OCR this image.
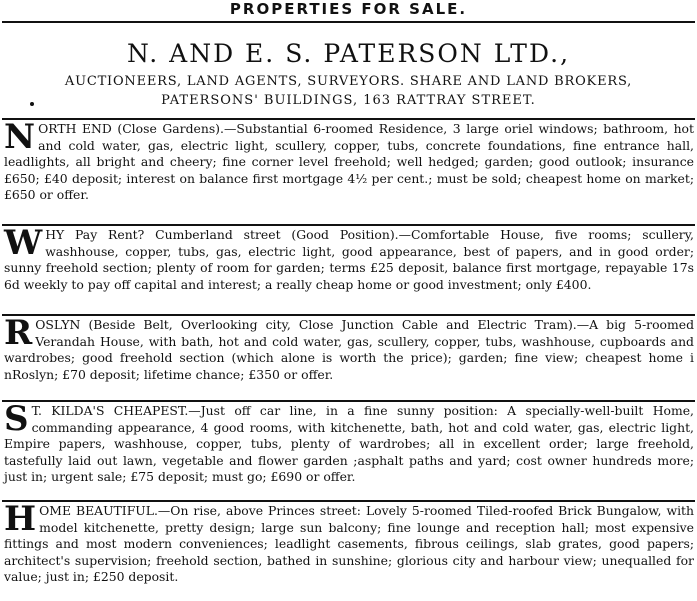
PROPERTIES FOR SALE.
N. AND E. S. PATERSON LTD.,
AUCTIONEERS, LAND AGENTS, SURVEYORS. SHARE AND LAND BROKERS,
PATERSONS' BUILDINGS, 163 RATTRAY STREET.

NORTH END (Close Gardens).—Substantial 6-roomed Residence, 3 large oriel windows; bathroom, hot and cold water, gas, electric light, scullery, copper, tubs, concrete foundations, fine entrance hall, leadlights, all bright and cheery; fine corner level freehold; well hedged; garden; good outlook; insurance £650; £40 deposit; interest on balance first mortgage 4½ per cent.; must be sold; cheapest home on market; £650 or offer.

WHY Pay Rent? Cumberland street (Good Position).—Comfortable House, five rooms; scullery, washhouse, copper, tubs, gas, electric light, good appearance, best of papers, and in good order; sunny freehold section; plenty of room for garden; terms £25 deposit, balance first mortgage, repayable 17s 6d weekly to pay off capital and interest; a really cheap home or good investment; only £400.

ROSLYN (Beside Belt, Overlooking city, Close Junction Cable and Electric Tram).—A big 5-roomed Verandah House, with bath, hot and cold water, gas, scullery, copper, tubs, washhouse, cupboards and wardrobes; good freehold section (which alone is worth the price); garden; fine view; cheapest home i nRoslyn; £70 deposit; lifetime chance; £350 or offer.

S T. KILDA'S CHEAPEST.—Just off car line, in a fine sunny position: A specially-well-built Home, commanding appearance, 4 good rooms, with kitchenette, bath, hot and cold water, gas, electric light, Empire papers, washhouse, copper, tubs, plenty of wardrobes; all in excellent order; large freehold, tastefully laid out lawn, vegetable and flower garden ;asphalt paths and yard; cost owner hundreds more; just in; urgent sale; £75 deposit; must go; £690 or offer.

HOME BEAUTIFUL.—On rise, above Princes street: Lovely 5-roomed Tiled-roofed Brick Bungalow, with model kitchenette, pretty design; large sun balcony; fine lounge and reception hall; most expensive fittings and most modern conveniences; leadlight casements, fibrous ceilings, slab grates, good papers; architect's supervision; freehold section, bathed in sunshine; glorious city and harbour view; unequalled for value; just in; £250 deposit.
